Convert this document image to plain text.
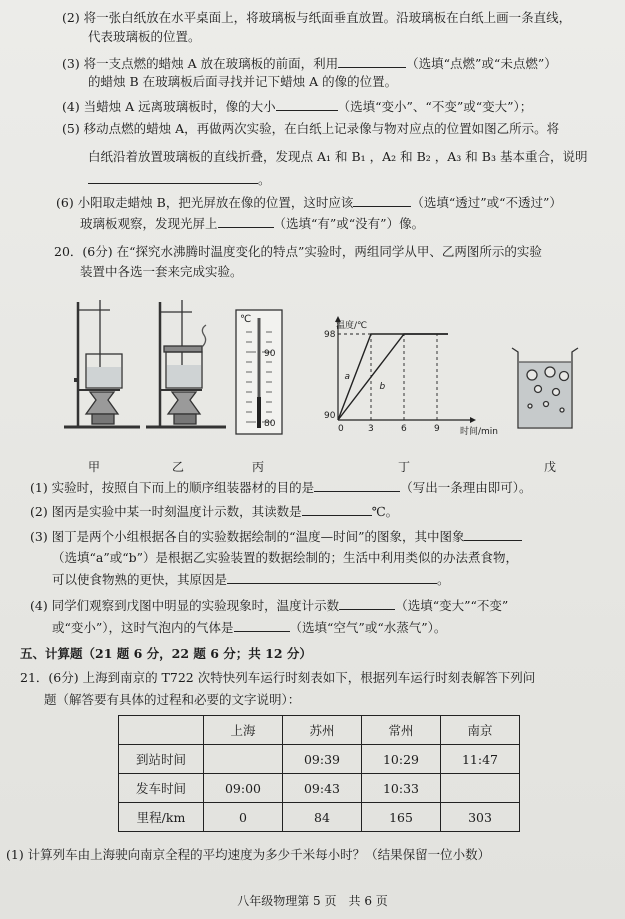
(2) 将一张白纸放在水平桌面上，将玻璃板与纸面垂直放置。沿玻璃板在白纸上画一条直线，
代表玻璃板的位置。
(3) 将一支点燃的蜡烛 A 放在玻璃板的前面，利用	（选填“点燃”或“未点燃”）
的蜡烛 B 在玻璃板后面寻找并记下蜡烛 A 的像的位置。
(4) 当蜡烛 A 远离玻璃板时，像的大小	（选填“变小”、“不变”或“变大”）；
(5) 移动点燃的蜡烛 A，再做两次实验，在白纸上记录像与物对应点的位置如图乙所示。将
白纸沿着放置玻璃板的直线折叠，发现点 A₁ 和 B₁ ，A₂ 和 B₂ ，A₃ 和 B₃ 基本重合，说明
。
(6) 小阳取走蜡烛 B，把光屏放在像的位置，这时应该	（选填“透过”或“不透过”）
玻璃板观察，发现光屏上	（选填“有”或“没有”）像。
20．(6分) 在“探究水沸腾时温度变化的特点”实验时，两组同学从甲、乙两图所示的实验
装置中各选一套来完成实验。
℃
90
80
温度/℃
时间/min
a
b
98
90
0	3	6	9
甲	乙	丙	丁	戊
(1) 实验时，按照自下而上的顺序组装器材的目的是	（写出一条理由即可）。
(2) 图丙是实验中某一时刻温度计示数，其读数是	℃。
(3) 图丁是两个小组根据各自的实验数据绘制的“温度—时间”的图象，其中图象
（选填“a”或“b”）是根据乙实验装置的数据绘制的；生活中利用类似的办法煮食物，
可以使食物熟的更快，其原因是	。
(4) 同学们观察到戊图中明显的实验现象时，温度计示数	（选填“变大”“不变”
或“变小”），这时气泡内的气体是	（选填“空气”或“水蒸气”）。
五、计算题（21 题 6 分，22 题 6 分；共 12 分）
21．(6分) 上海到南京的 T722 次特快列车运行时刻表如下，根据列车运行时刻表解答下列问
题（解答要有具体的过程和必要的文字说明）：
	上海	苏州	常州	南京
到站时间		09:39	10:29	11:47
发车时间	09:00	09:43	10:33	
里程/km	0	84	165	303
(1) 计算列车由上海驶向南京全程的平均速度为多少千米每小时？（结果保留一位小数）
八年级物理第 5 页　共 6 页
